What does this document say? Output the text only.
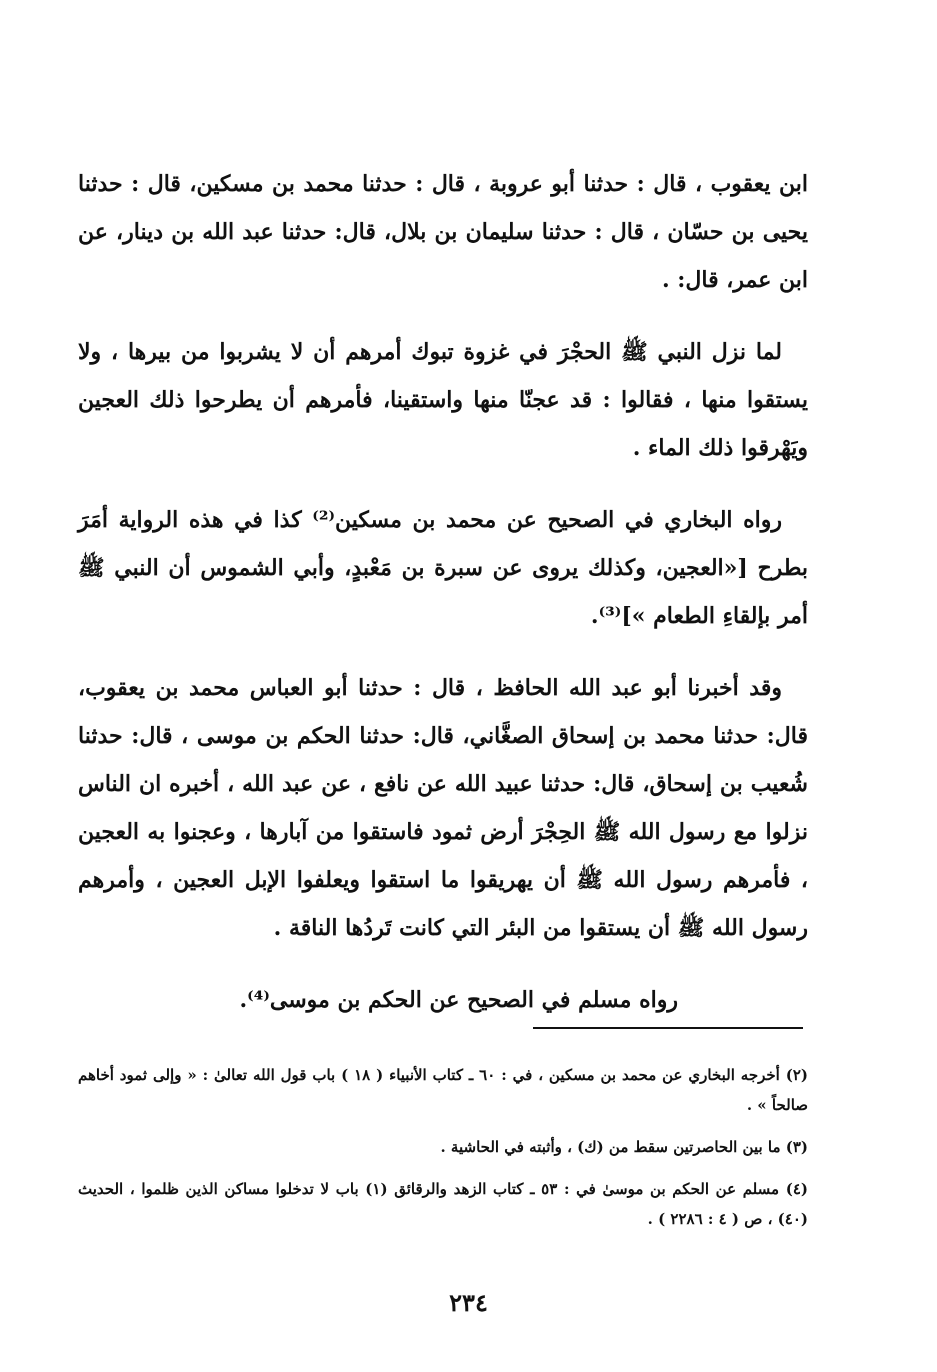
ابن يعقوب ، قال : حدثنا أبو عروبة ، قال : حدثنا محمد بن مسكين، قال : حدثنا يحيى بن حسّان ، قال : حدثنا سليمان بن بلال، قال: حدثنا عبد الله بن دينار، عن ابن عمر، قال: .

لما نزل النبي ﷺ الحجْرَ في غزوة تبوك أمرهم أن لا يشربوا من بيرها ، ولا يستقوا منها ، فقالوا : قد عجنّا منها واستقينا، فأمرهم أن يطرحوا ذلك العجين ويَهْرقوا ذلك الماء .

رواه البخاري في الصحيح عن محمد بن مسكين⁽²⁾ كذا في هذه الرواية أمَرَ بطرح [«العجين، وكذلك يروى عن سبرة بن مَعْبدٍ، وأبي الشموس أن النبي ﷺ أمر بإلقاءِ الطعام »]⁽³⁾.

وقد أخبرنا أبو عبد الله الحافظ ، قال : حدثنا أبو العباس محمد بن يعقوب، قال: حدثنا محمد بن إسحاق الصغَّاني، قال: حدثنا الحكم بن موسى ، قال: حدثنا شُعيب بن إسحاق، قال: حدثنا عبيد الله عن نافع ، عن عبد الله ، أخبره ان الناس نزلوا مع رسول الله ﷺ الحِجْرَ أرض ثمود فاستقوا من آبارها ، وعجنوا به العجين ، فأمرهم رسول الله ﷺ أن يهريقوا ما استقوا ويعلفوا الإبل العجين ، وأمرهم رسول الله ﷺ أن يستقوا من البئر التي كانت تَردُها الناقة .

رواه مسلم في الصحيح عن الحكم بن موسى⁽⁴⁾.

(٢) أخرجه البخاري عن محمد بن مسكين ، في : ٦٠ ـ كتاب الأنبياء ( ١٨ ) باب قول الله تعالىٰ : « وإلى ثمود أخاهم صالحاً » .

(٣) ما بين الحاصرتين سقط من (ك) ، وأثبته في الحاشية .

(٤) مسلم عن الحكم بن موسىٰ في : ٥٣ ـ كتاب الزهد والرقائق (١) باب لا تدخلوا مساكن الذين ظلموا ، الحديث (٤٠) ، ص ( ٤ : ٢٢٨٦ ) .

٢٣٤
